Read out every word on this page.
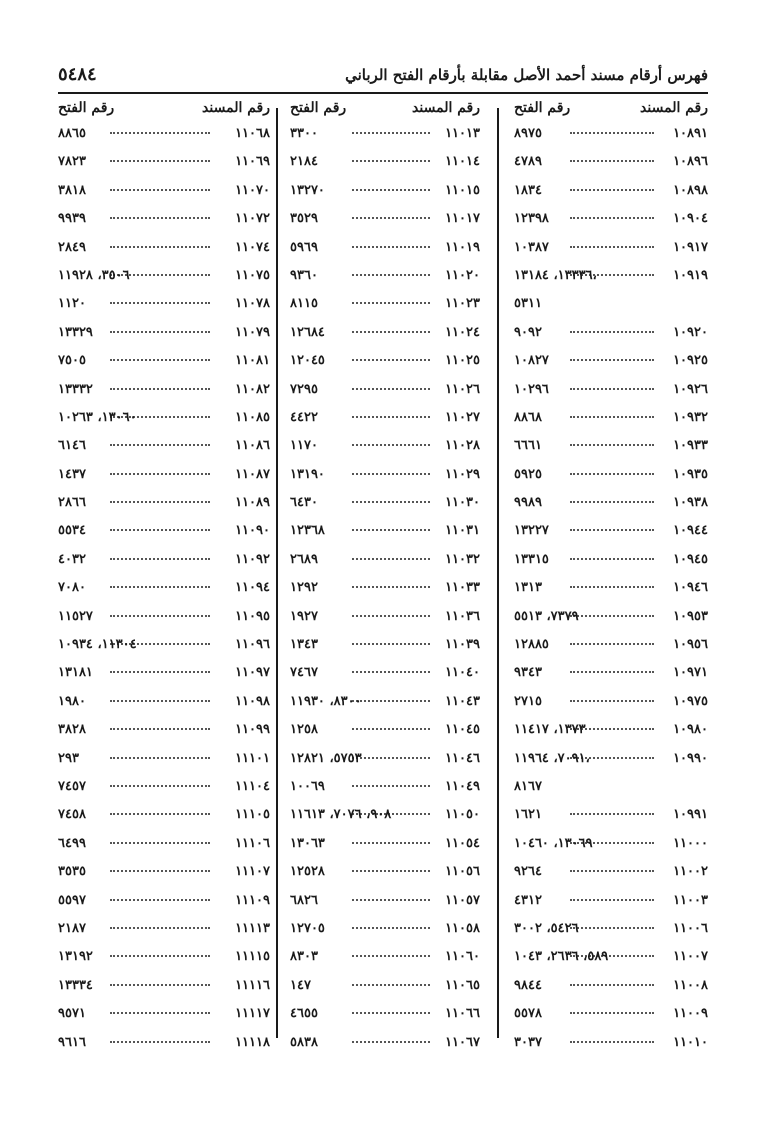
فهرس أرقام مسند أحمد الأصل مقابلة بأرقام الفتح الرباني
٥٤٨٤
رقم المسند
رقم الفتح
١٠٨٩١
٨٩٧٥
١٠٨٩٦
٤٧٨٩
١٠٨٩٨
١٨٣٤
١٠٩٠٤
١٢٣٩٨
١٠٩١٧
١٠٣٨٧
١٠٩١٩
١٣٣٣٦، ١٣١٨٤،
٥٣١١
١٠٩٢٠
٩٠٩٢
١٠٩٢٥
١٠٨٢٧
١٠٩٢٦
١٠٢٩٦
١٠٩٣٢
٨٨٦٨
١٠٩٣٣
٦٦٦١
١٠٩٣٥
٥٩٢٥
١٠٩٣٨
٩٩٨٩
١٠٩٤٤
١٣٢٢٧
١٠٩٤٥
١٣٣١٥
١٠٩٤٦
١٣١٣
١٠٩٥٣
٧٣٧٩، ٥٥١٣
١٠٩٥٦
١٢٨٨٥
١٠٩٧١
٩٣٤٣
١٠٩٧٥
٢٧١٥
١٠٩٨٠
١٣٧٣، ١١٤١٧
١٠٩٩٠
٧٠٩١، ١١٩٦٤،
٨١٦٧
١٠٩٩١
١٦٢١
١١٠٠٠
١٣٠٦٩، ١٠٤٦٠
١١٠٠٢
٩٢٦٤
١١٠٠٣
٤٣١٢
١١٠٠٦
٥٤٢٦، ٣٠٠٢
١١٠٠٧
٥٨٩، ٢٦٣٦، ١٠٤٣
١١٠٠٨
٩٨٤٤
١١٠٠٩
٥٥٧٨
١١٠١٠
٣٠٣٧
رقم المسند
رقم الفتح
١١٠١٣
٣٣٠٠
١١٠١٤
٢١٨٤
١١٠١٥
١٣٢٧٠
١١٠١٧
٣٥٢٩
١١٠١٩
٥٩٦٩
١١٠٢٠
٩٣٦٠
١١٠٢٣
٨١١٥
١١٠٢٤
١٢٦٨٤
١١٠٢٥
١٢٠٤٥
١١٠٢٦
٧٢٩٥
١١٠٢٧
٤٤٢٢
١١٠٢٨
١١٧٠
١١٠٢٩
١٣١٩٠
١١٠٣٠
٦٤٣٠
١١٠٣١
١٢٣٦٨
١١٠٣٢
٢٦٨٩
١١٠٣٣
١٢٩٢
١١٠٣٦
١٩٢٧
١١٠٣٩
١٣٤٣
١١٠٤٠
٧٤٦٧
١١٠٤٣
٨٣٠٠، ١١٩٣٠
١١٠٤٥
١٢٥٨
١١٠٤٦
٥٧٥٣، ١٢٨٢١
١١٠٤٩
١٠٠٦٩
١١٠٥٠
٩٠٨، ٧٠٧٦، ١١٦١٣
١١٠٥٤
١٣٠٦٣
١١٠٥٦
١٢٥٢٨
١١٠٥٧
٦٨٢٦
١١٠٥٨
١٢٧٠٥
١١٠٦٠
٨٣٠٣
١١٠٦٥
١٤٧
١١٠٦٦
٤٦٥٥
١١٠٦٧
٥٨٣٨
رقم المسند
رقم الفتح
١١٠٦٨
٨٨٦٥
١١٠٦٩
٧٨٢٣
١١٠٧٠
٣٨١٨
١١٠٧٢
٩٩٣٩
١١٠٧٤
٢٨٤٩
١١٠٧٥
٣٥٠٦، ١١٩٢٨
١١٠٧٨
١١٢٠
١١٠٧٩
١٣٣٢٩
١١٠٨١
٧٥٠٥
١١٠٨٢
١٣٣٣٢
١١٠٨٥
١٣٠٦٠، ١٠٢٦٣
١١٠٨٦
٦١٤٦
١١٠٨٧
١٤٣٧
١١٠٨٩
٢٨٦٦
١١٠٩٠
٥٥٣٤
١١٠٩٢
٤٠٣٢
١١٠٩٤
٧٠٨٠
١١٠٩٥
١١٥٢٧
١١٠٩٦
١١٣٠٤، ١٠٩٣٤
١١٠٩٧
١٣١٨١
١١٠٩٨
١٩٨٠
١١٠٩٩
٣٨٢٨
١١١٠١
٢٩٣
١١١٠٤
٧٤٥٧
١١١٠٥
٧٤٥٨
١١١٠٦
٦٤٩٩
١١١٠٧
٣٥٣٥
١١١٠٩
٥٥٩٧
١١١١٣
٢١٨٧
١١١١٥
١٣١٩٢
١١١١٦
١٣٣٣٤
١١١١٧
٩٥٧١
١١١١٨
٩٦١٦
